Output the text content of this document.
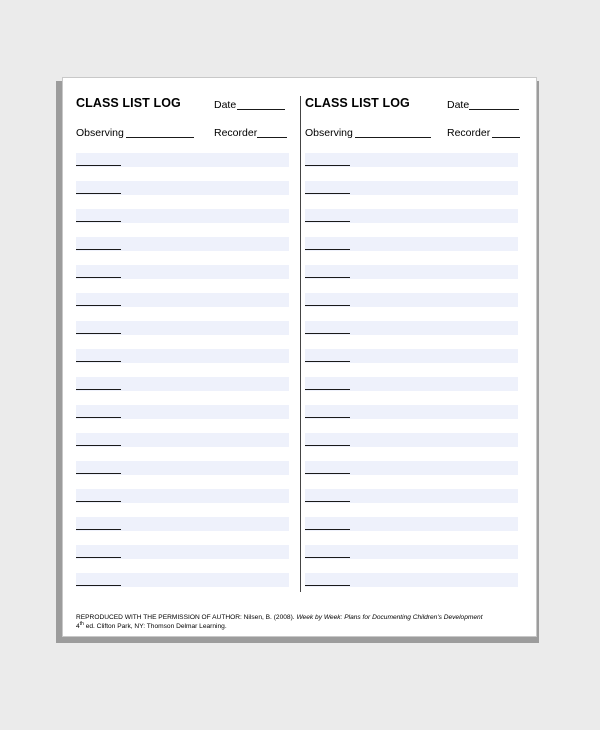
CLASS LIST LOG	Date
Observing	Recorder
CLASS LIST LOG	Date
Observing	Recorder
REPRODUCED WITH THE PERMISSION OF AUTHOR: Nilsen, B. (2008). Week by Week: Plans for Documenting Children's Development
4th ed. Clifton Park, NY: Thomson Delmar Learning.
